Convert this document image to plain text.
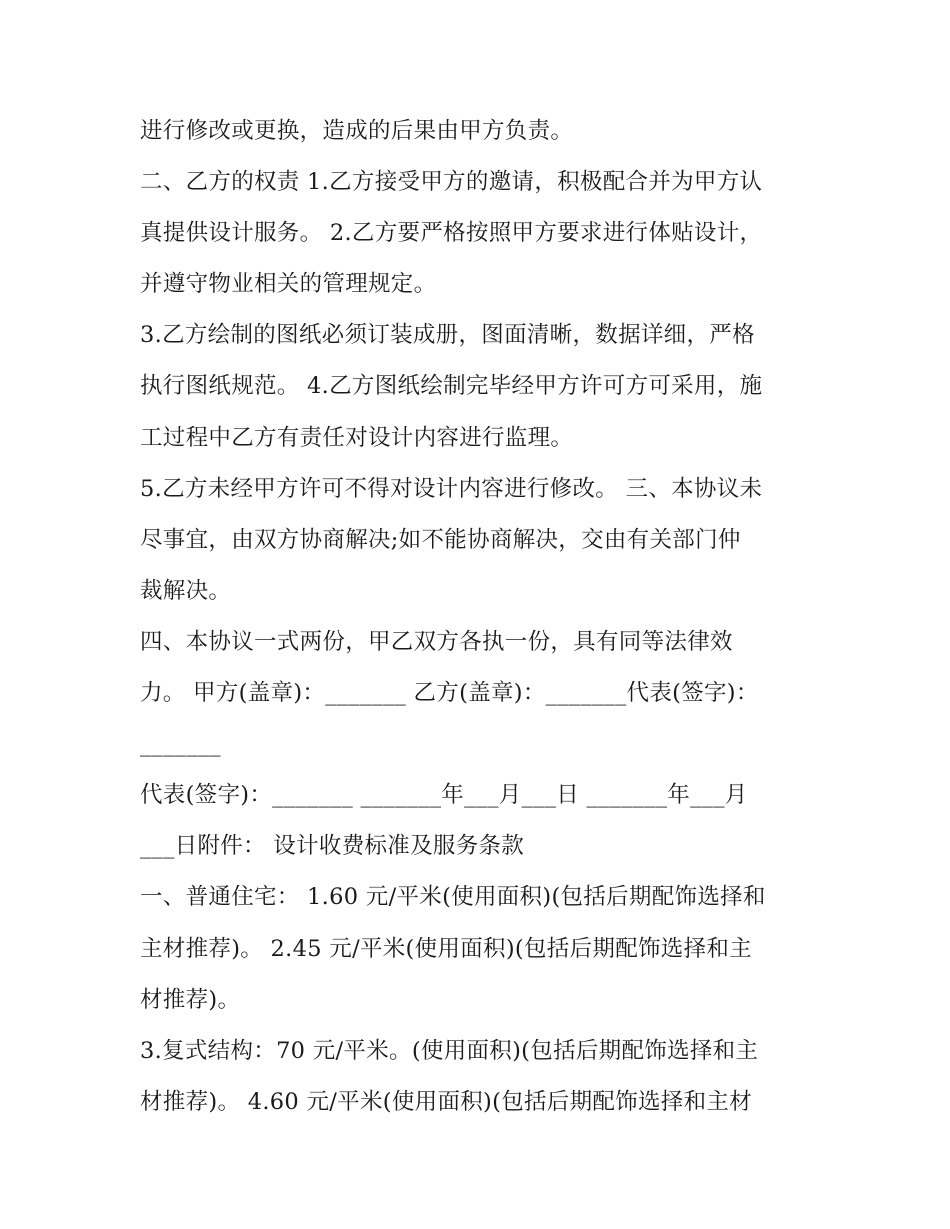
进行修改或更换，造成的后果由甲方负责。
二、乙方的权责 1.乙方接受甲方的邀请，积极配合并为甲方认
真提供设计服务。 2.乙方要严格按照甲方要求进行体贴设计，
并遵守物业相关的管理规定。
3.乙方绘制的图纸必须订装成册，图面清晰，数据详细，严格
执行图纸规范。 4.乙方图纸绘制完毕经甲方许可方可采用，施
工过程中乙方有责任对设计内容进行监理。
5.乙方未经甲方许可不得对设计内容进行修改。 三、本协议未
尽事宜，由双方协商解决;如不能协商解决，交由有关部门仲
裁解决。
四、本协议一式两份，甲乙双方各执一份，具有同等法律效
力。 甲方(盖章)：_______ 乙方(盖章)：_______代表(签字)：
_______
代表(签字)：_______ _______年___月___日 _______年___月
___日附件： 设计收费标准及服务条款
一、普通住宅： 1.60 元/平米(使用面积)(包括后期配饰选择和
主材推荐)。 2.45 元/平米(使用面积)(包括后期配饰选择和主
材推荐)。
3.复式结构：70 元/平米。(使用面积)(包括后期配饰选择和主
材推荐)。 4.60 元/平米(使用面积)(包括后期配饰选择和主材
